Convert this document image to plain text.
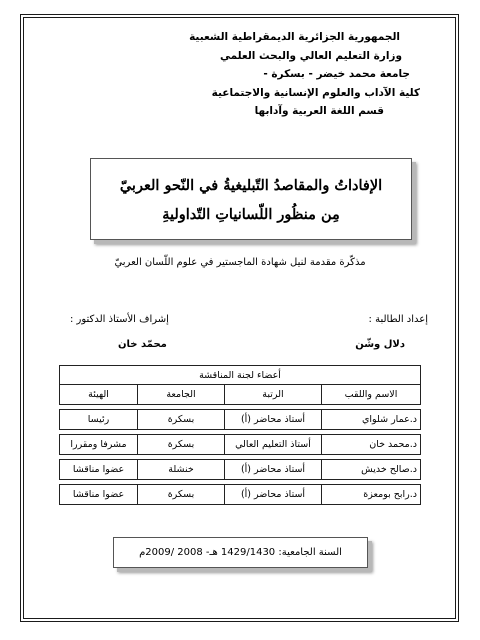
الجمهورية الجزائرية الديمقراطية الشعبية
وزارة التعليم العالي والبحث العلمي
جامعة محمد خيضر - بسكرة -
كلية الآداب والعلوم الإنسانية والاجتماعية
قسم اللغة العربية وآدابها
الإفاداتُ والمقاصدُ التّبليغيةُ في النّحو العربيّ
مِن منظُور اللّسانياتِ التّداوليةِ
مذكّرة مقدمة لنيل شهادة الماجستير في علوم اللّسان العربيّ
إعداد الطالبة :
إشراف الأستاذ الدكتور :
دلال وشّن
محمّد خان
أعضاء لجنة المناقشة			
الاسم واللقب	الرتبة	الجامعة	الهيئة

د.عمار شلواي	أستاذ محاضر (أ)	بسكرة	رئيسا

د.محمد خان	أستاذ التعليم العالي	بسكرة	مشرفا ومقررا

د.صالح خديش	أستاذ محاضر (أ)	خنشلة	عضوا مناقشا

د.رابح بومعزة	أستاذ محاضر (أ)	بسكرة	عضوا مناقشا
السنة الجامعية: 1429/1430 هـ- 2008 /2009م
